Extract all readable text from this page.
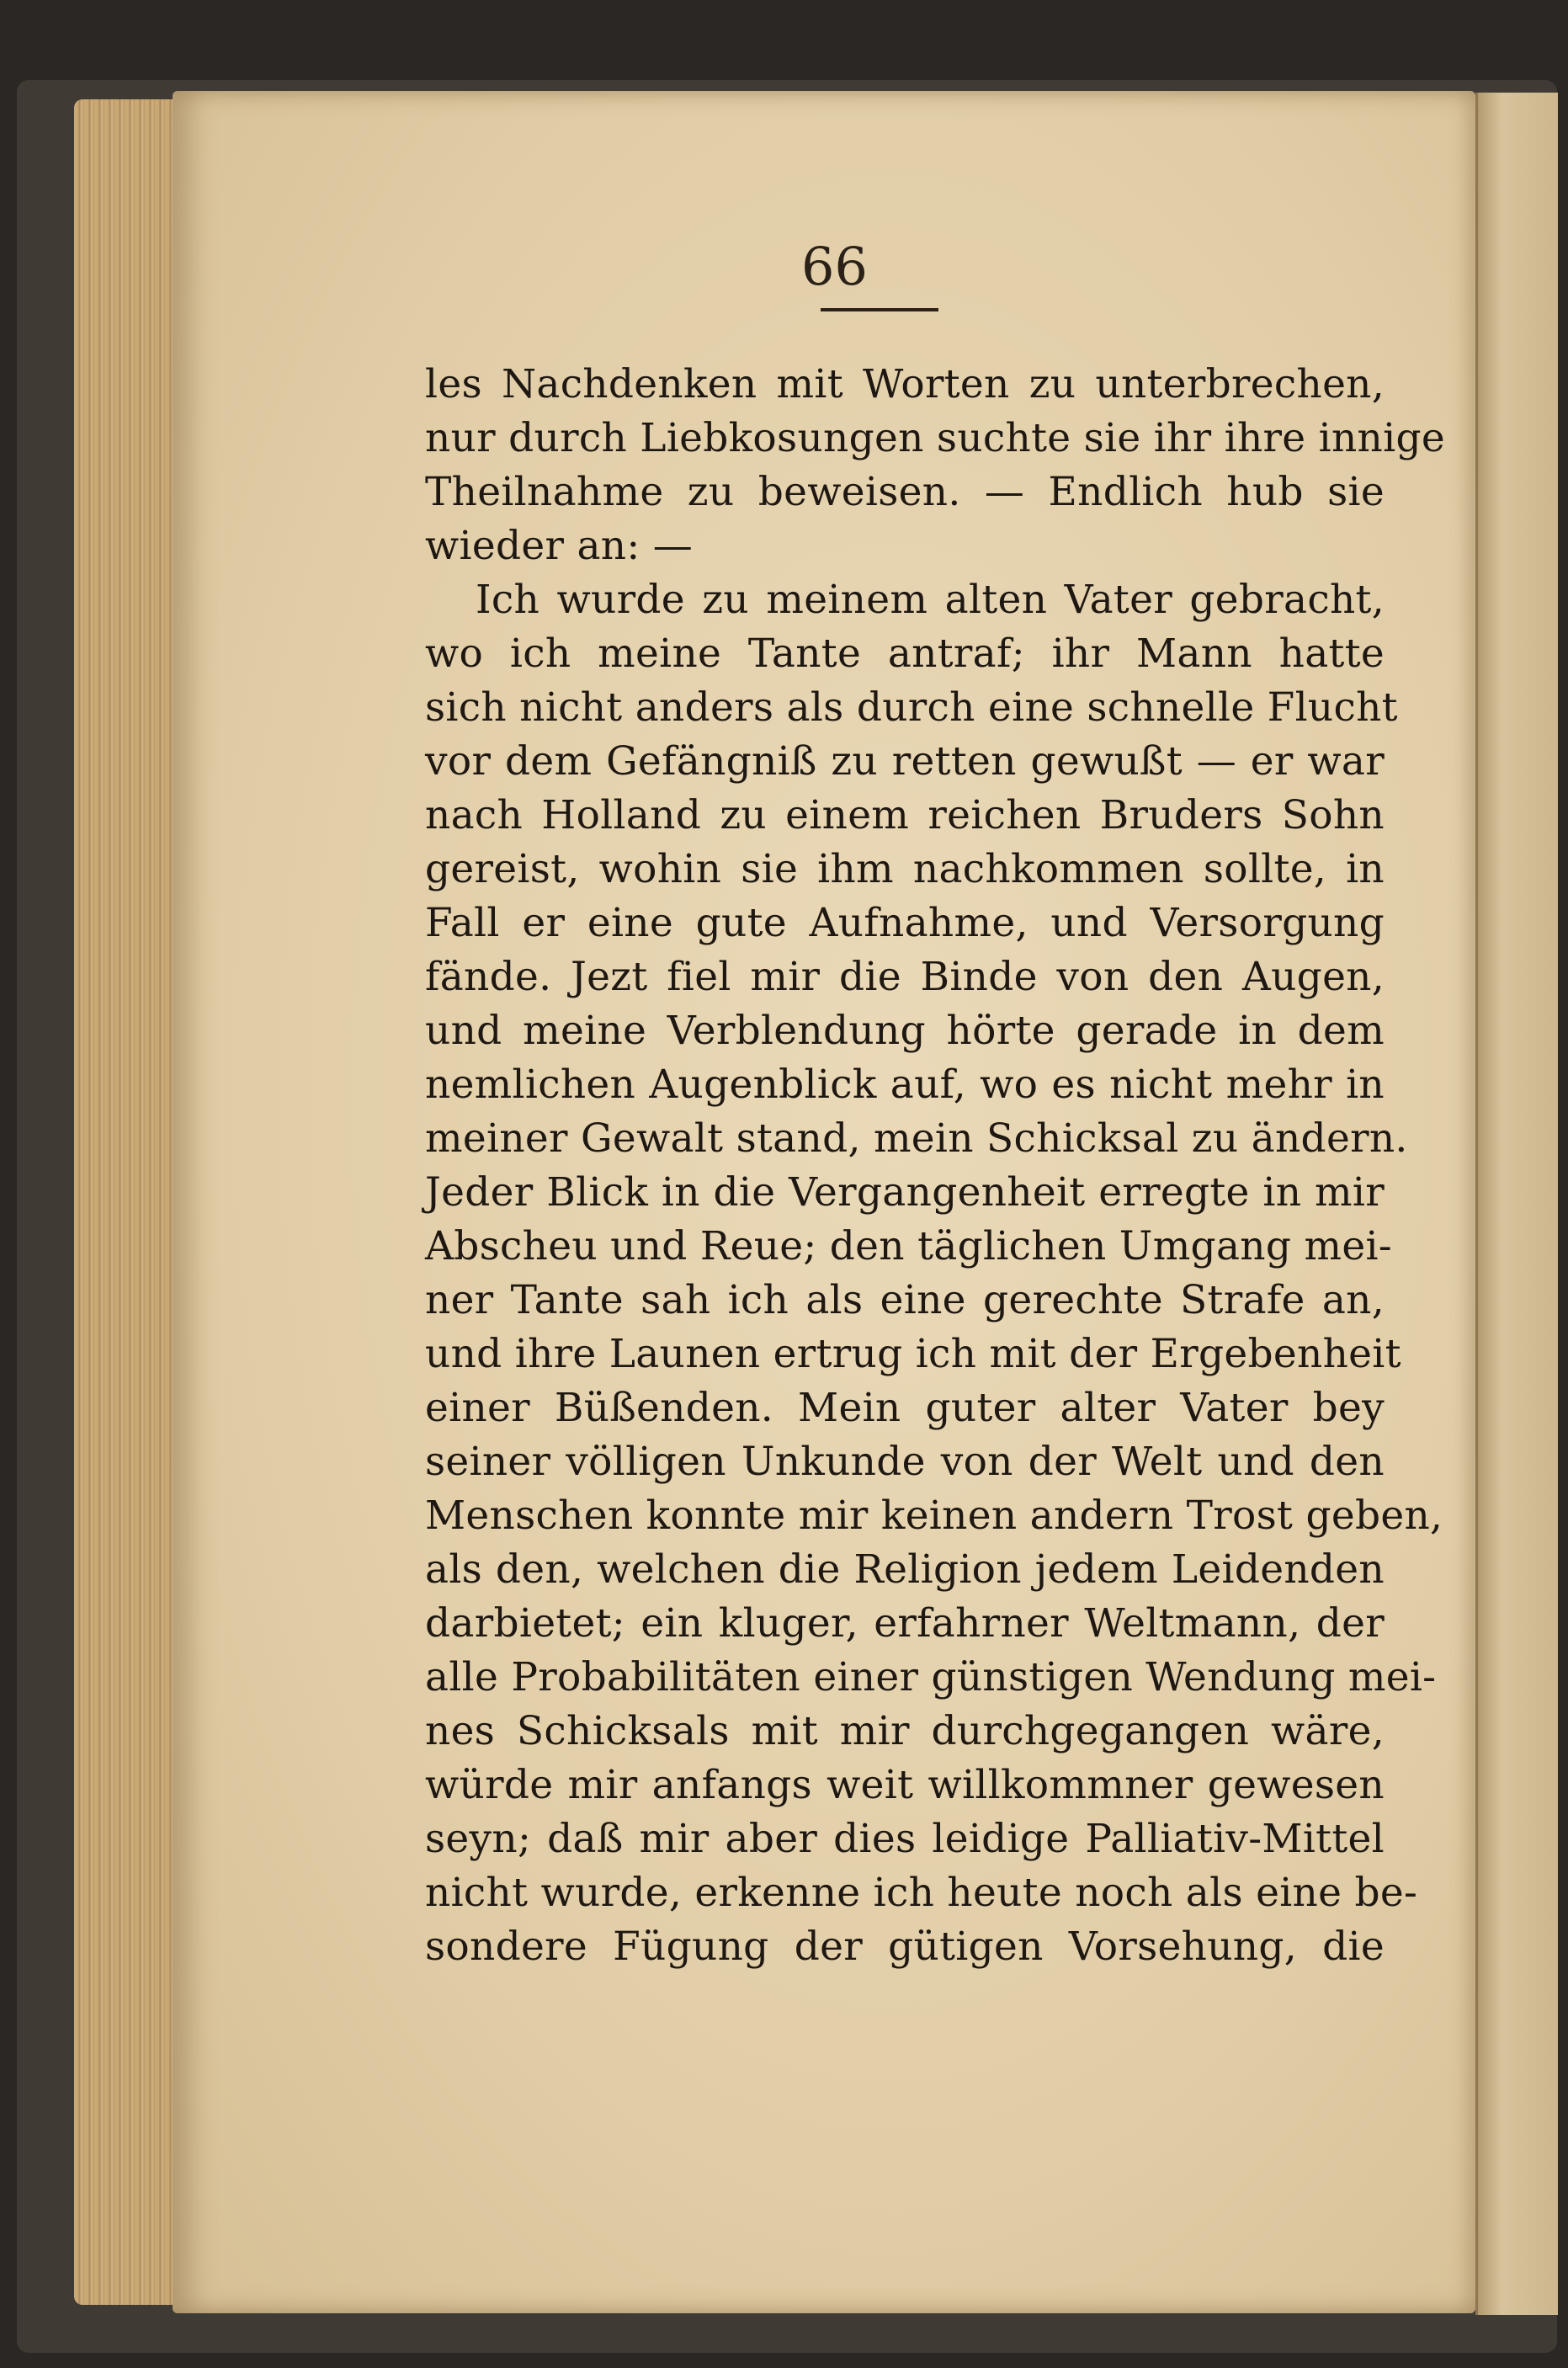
66
les Nachdenken mit Worten zu unterbrechen,
nur durch Liebkosungen suchte sie ihr ihre innige
Theilnahme zu beweisen. — Endlich hub sie
wieder an: —
Ich wurde zu meinem alten Vater gebracht,
wo ich meine Tante antraf; ihr Mann hatte
sich nicht anders als durch eine schnelle Flucht
vor dem Gefängniß zu retten gewußt — er war
nach Holland zu einem reichen Bruders Sohn
gereist, wohin sie ihm nachkommen sollte, in
Fall er eine gute Aufnahme, und Versorgung
fände. Jezt fiel mir die Binde von den Augen,
und meine Verblendung hörte gerade in dem
nemlichen Augenblick auf, wo es nicht mehr in
meiner Gewalt stand, mein Schicksal zu ändern.
Jeder Blick in die Vergangenheit erregte in mir
Abscheu und Reue; den täglichen Umgang mei-
ner Tante sah ich als eine gerechte Strafe an,
und ihre Launen ertrug ich mit der Ergebenheit
einer Büßenden. Mein guter alter Vater bey
seiner völligen Unkunde von der Welt und den
Menschen konnte mir keinen andern Trost geben,
als den, welchen die Religion jedem Leidenden
darbietet; ein kluger, erfahrner Weltmann, der
alle Probabilitäten einer günstigen Wendung mei-
nes Schicksals mit mir durchgegangen wäre,
würde mir anfangs weit willkommner gewesen
seyn; daß mir aber dies leidige Palliativ-Mittel
nicht wurde, erkenne ich heute noch als eine be-
sondere Fügung der gütigen Vorsehung, die
